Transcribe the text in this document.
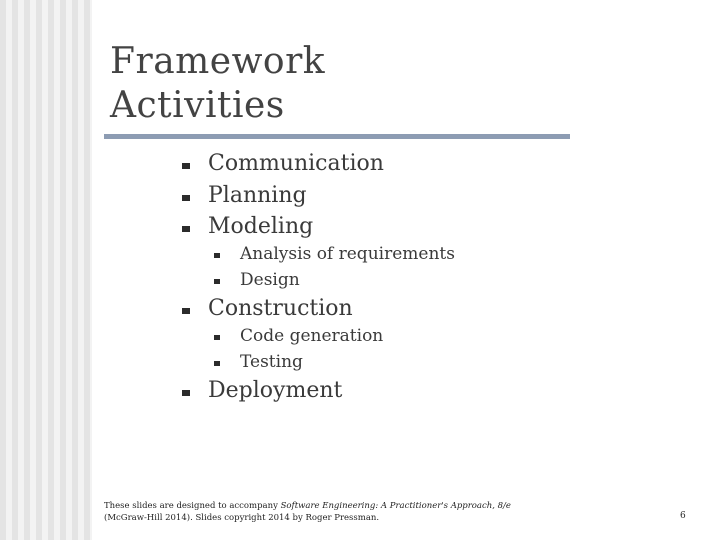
Framework
Activities
Communication
Planning
Modeling
Analysis of requirements
Design
Construction
Code generation
Testing
Deployment
These slides are designed to accompany Software Engineering: A Practitioner's Approach, 8/e (McGraw-Hill 2014). Slides copyright 2014 by Roger Pressman.	6
